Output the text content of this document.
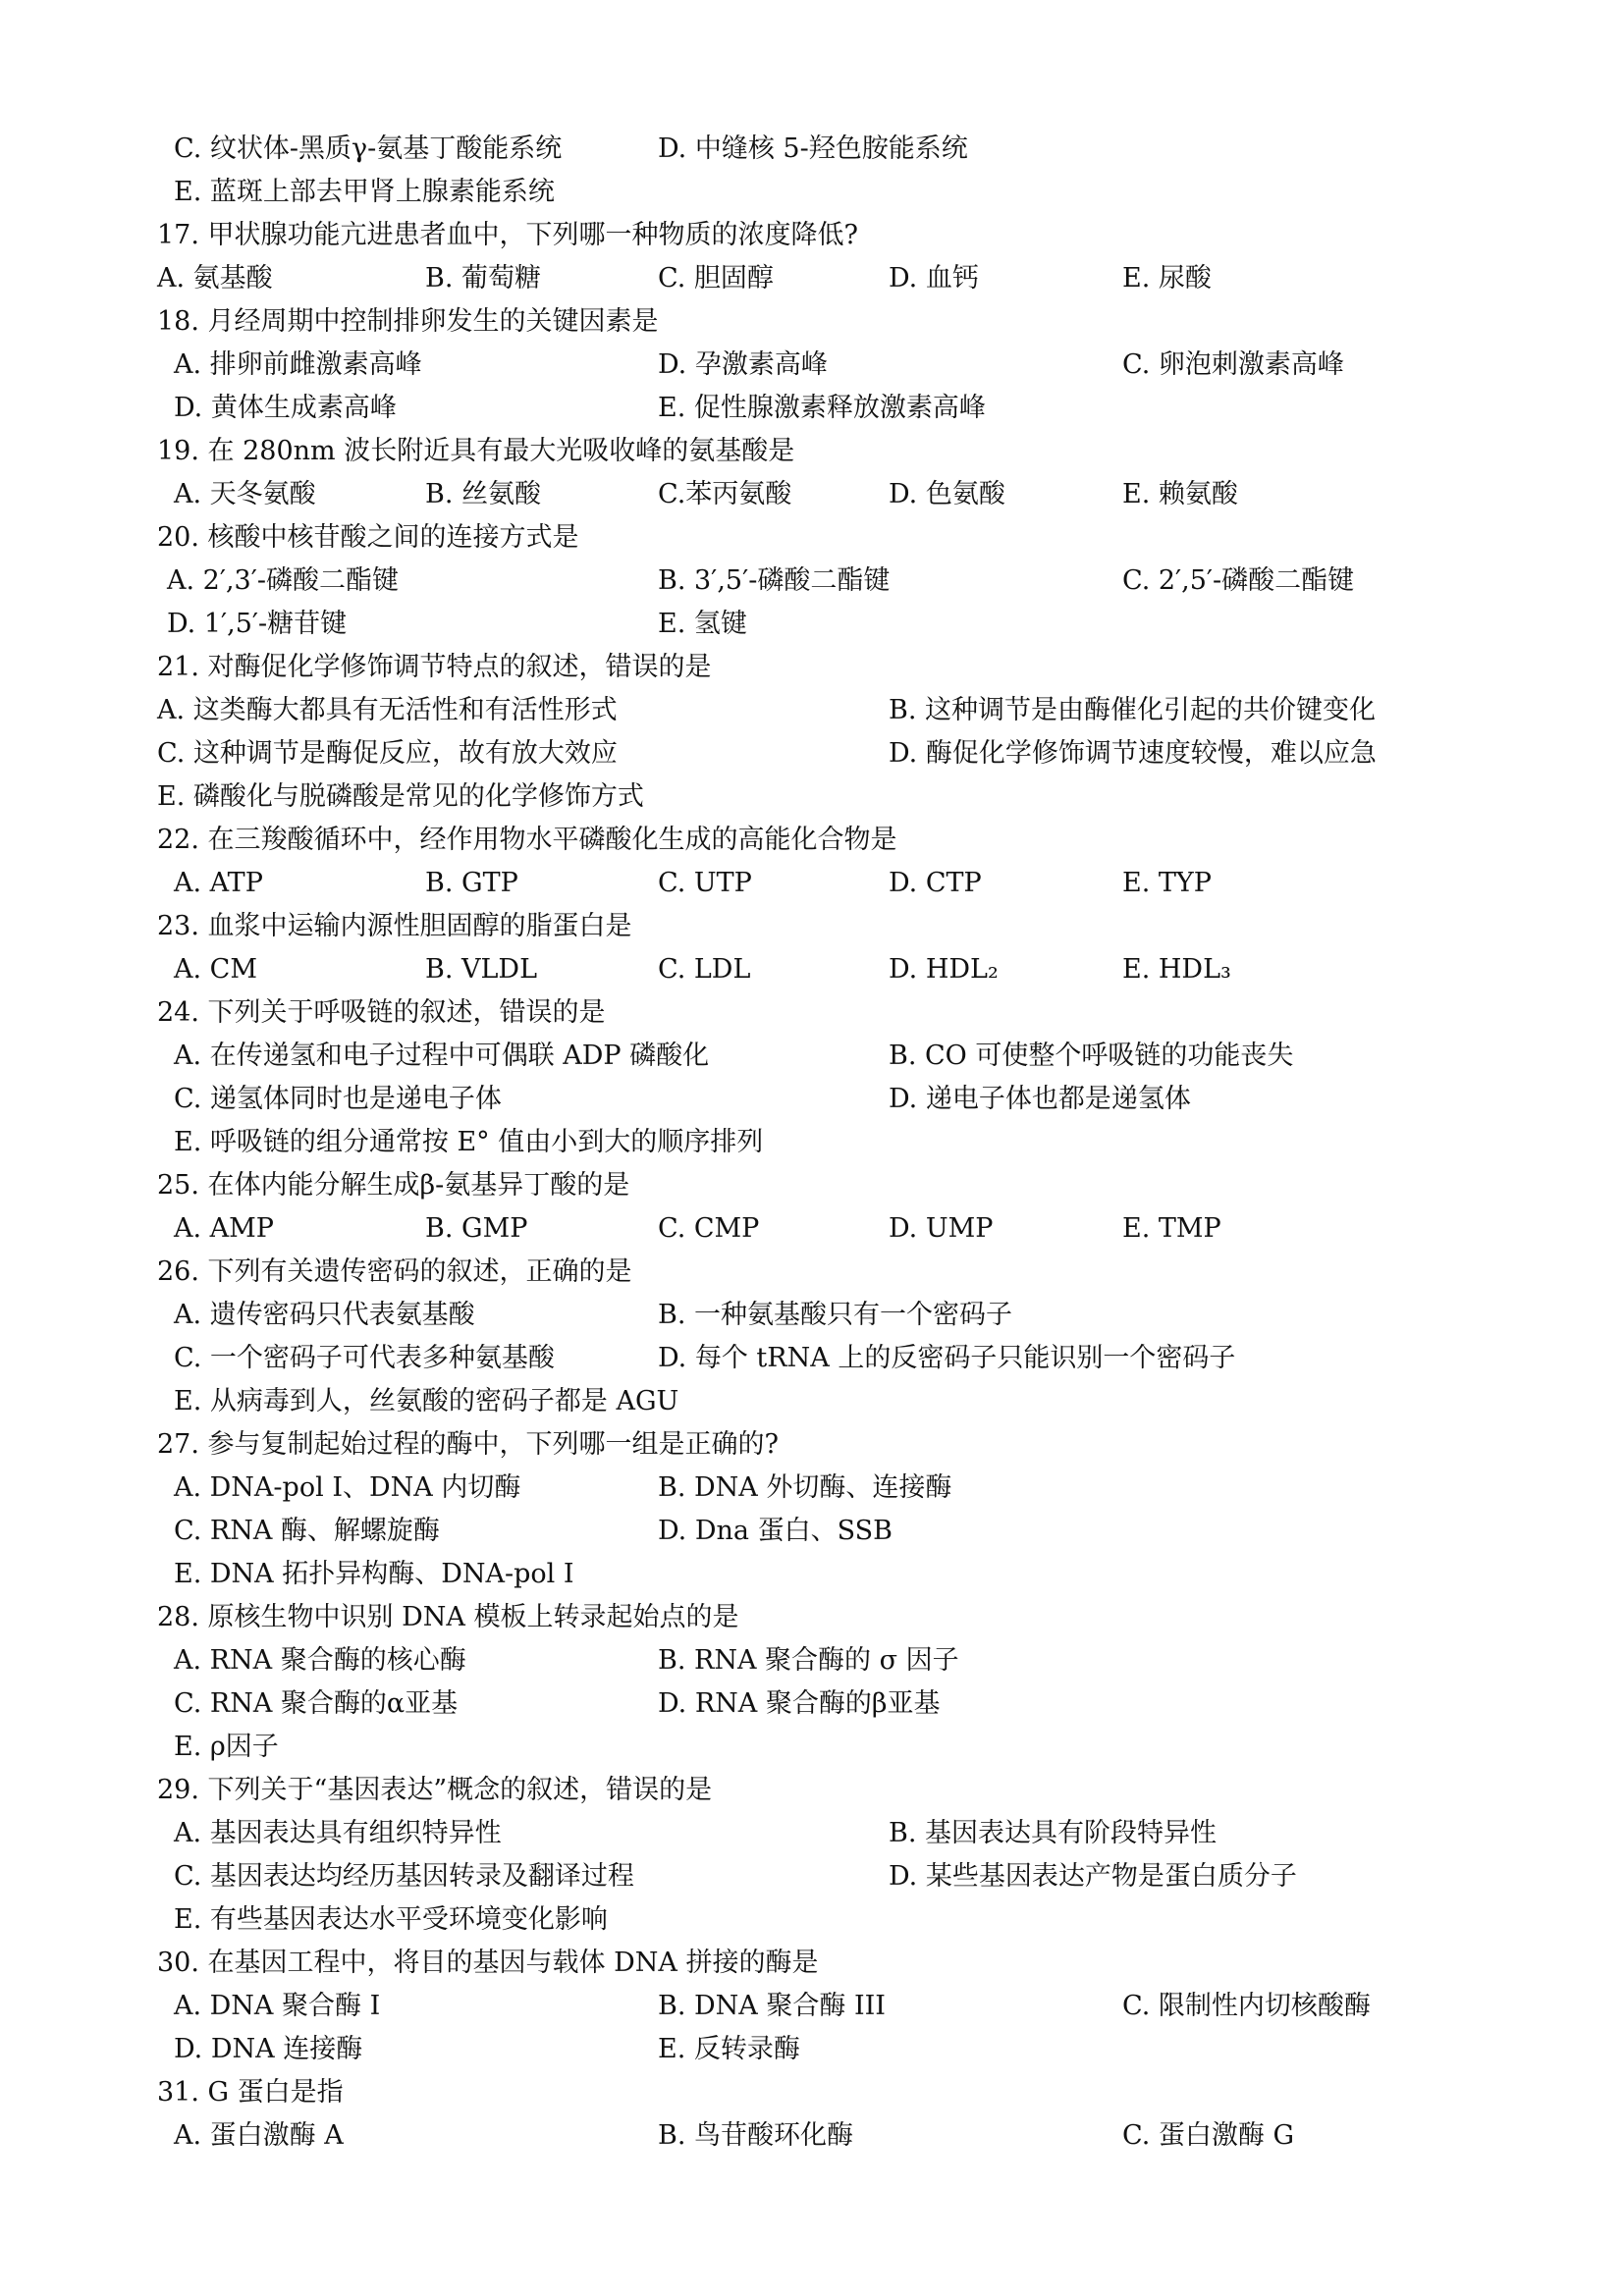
C. 纹状体-黑质γ-氨基丁酸能系统	D. 中缝核 5-羟色胺能系统
E. 蓝斑上部去甲肾上腺素能系统
17. 甲状腺功能亢进患者血中，下列哪一种物质的浓度降低?
A. 氨基酸	B. 葡萄糖	C. 胆固醇	D. 血钙	E. 尿酸
18. 月经周期中控制排卵发生的关键因素是
A. 排卵前雌激素高峰	D. 孕激素高峰	C. 卵泡刺激素高峰
D. 黄体生成素高峰	E. 促性腺激素释放激素高峰
19. 在 280nm 波长附近具有最大光吸收峰的氨基酸是
A. 天冬氨酸	B. 丝氨酸	C.苯丙氨酸	D. 色氨酸	E. 赖氨酸
20. 核酸中核苷酸之间的连接方式是
A. 2′,3′-磷酸二酯键	B. 3′,5′-磷酸二酯键	C. 2′,5′-磷酸二酯键
D. 1′,5′-糖苷键	E. 氢键
21. 对酶促化学修饰调节特点的叙述，错误的是
A. 这类酶大都具有无活性和有活性形式	B. 这种调节是由酶催化引起的共价键变化
C. 这种调节是酶促反应，故有放大效应	D. 酶促化学修饰调节速度较慢，难以应急
E. 磷酸化与脱磷酸是常见的化学修饰方式
22. 在三羧酸循环中，经作用物水平磷酸化生成的高能化合物是
A. ATP	B. GTP	C. UTP	D. CTP	E. TYP
23. 血浆中运输内源性胆固醇的脂蛋白是
A. CM	B. VLDL	C. LDL	D. HDL₂	E. HDL₃
24. 下列关于呼吸链的叙述，错误的是
A. 在传递氢和电子过程中可偶联 ADP 磷酸化	B. CO 可使整个呼吸链的功能丧失
C. 递氢体同时也是递电子体	D. 递电子体也都是递氢体
E. 呼吸链的组分通常按 E° 值由小到大的顺序排列
25. 在体内能分解生成β-氨基异丁酸的是
A. AMP	B. GMP	C. CMP	D. UMP	E. TMP
26. 下列有关遗传密码的叙述，正确的是
A. 遗传密码只代表氨基酸	B. 一种氨基酸只有一个密码子
C. 一个密码子可代表多种氨基酸	D. 每个 tRNA 上的反密码子只能识别一个密码子
E. 从病毒到人，丝氨酸的密码子都是 AGU
27. 参与复制起始过程的酶中，下列哪一组是正确的?
A. DNA-pol I、DNA 内切酶	B. DNA 外切酶、连接酶
C. RNA 酶、解螺旋酶	D. Dna 蛋白、SSB
E. DNA 拓扑异构酶、DNA-pol I
28. 原核生物中识别 DNA 模板上转录起始点的是
A. RNA 聚合酶的核心酶	B. RNA 聚合酶的 σ 因子
C. RNA 聚合酶的α亚基	D. RNA 聚合酶的β亚基
E. ρ因子
29. 下列关于“基因表达”概念的叙述，错误的是
A. 基因表达具有组织特异性	B. 基因表达具有阶段特异性
C. 基因表达均经历基因转录及翻译过程	D. 某些基因表达产物是蛋白质分子
E. 有些基因表达水平受环境变化影响
30. 在基因工程中，将目的基因与载体 DNA 拼接的酶是
A. DNA 聚合酶 I	B. DNA 聚合酶 III	C. 限制性内切核酸酶
D. DNA 连接酶	E. 反转录酶
31. G 蛋白是指
A. 蛋白激酶 A	B. 鸟苷酸环化酶	C. 蛋白激酶 G
